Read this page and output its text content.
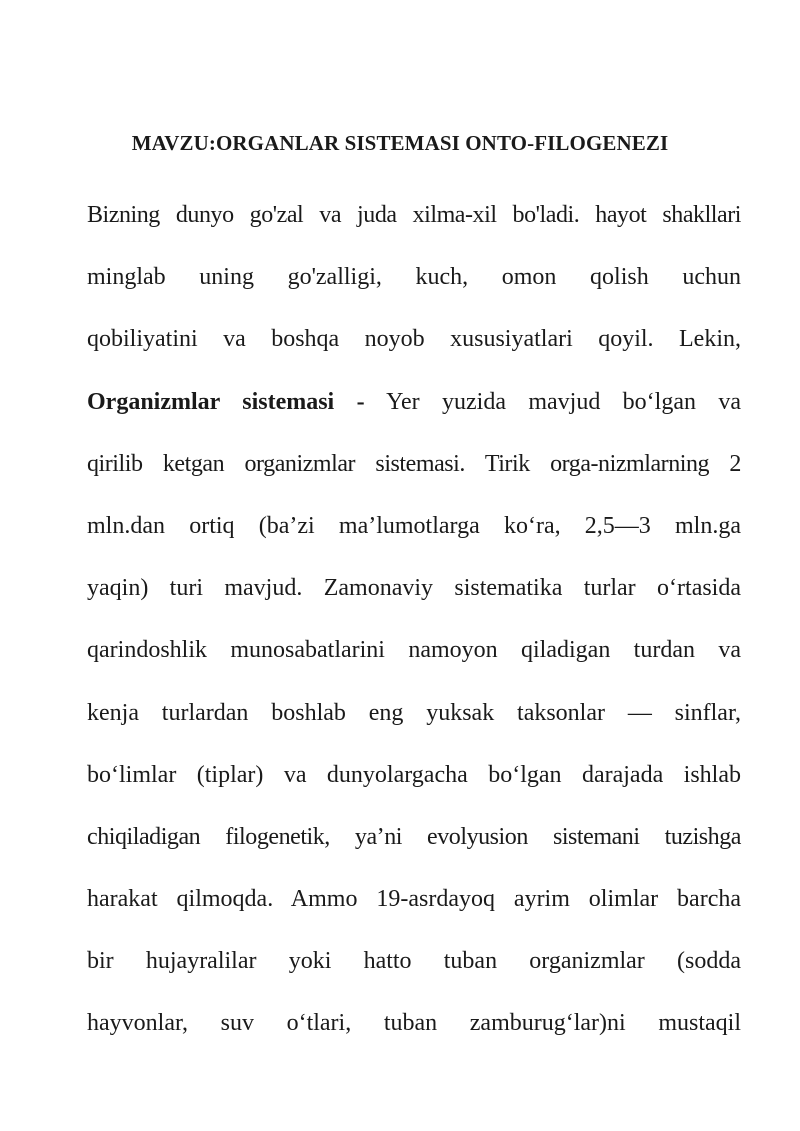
MAVZU:ORGANLAR SISTEMASI ONTO-FILOGENEZI
Bizning dunyo go'zal va juda xilma-xil bo'ladi. hayot shakllari
minglab uning go'zalligi, kuch, omon qolish uchun
qobiliyatini va boshqa noyob xususiyatlari qoyil. Lekin,
Organizmlar sistemasi - Yer yuzida mavjud bo‘lgan va
qirilib ketgan organizmlar sistemasi. Tirik orga-nizmlarning 2
mln.dan ortiq (ba’zi ma’lumotlarga ko‘ra, 2,5—3 mln.ga
yaqin) turi mavjud. Zamonaviy sistematika turlar o‘rtasida
qarindoshlik munosabatlarini namoyon qiladigan turdan va
kenja turlardan boshlab eng yuksak taksonlar — sinflar,
bo‘limlar (tiplar) va dunyolargacha bo‘lgan darajada ishlab
chiqiladigan filogenetik, ya’ni evolyusion sistemani tuzishga
harakat qilmoqda. Ammo 19-asrdayoq ayrim olimlar barcha
bir hujayralilar yoki hatto tuban organizmlar (sodda
hayvonlar, suv o‘tlari, tuban zamburug‘lar)ni mustaqil
